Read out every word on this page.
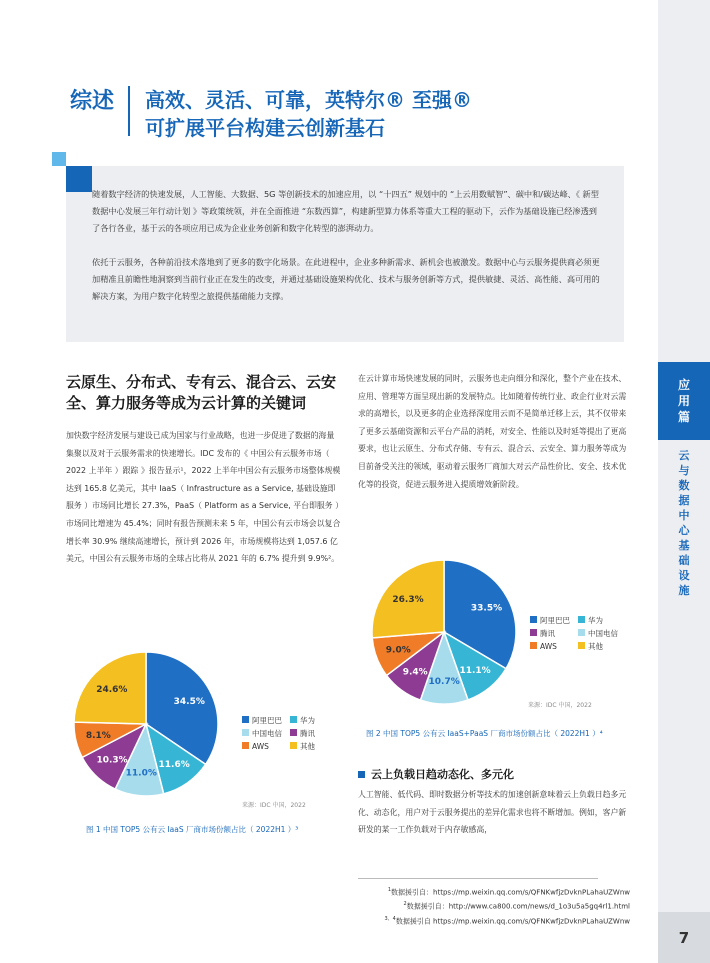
应
用
篇
云
与
数
据
中
心
基
础
设
施
7
综述 高效、灵活、可靠，英特尔® 至强®
可扩展平台构建云创新基石

随着数字经济的快速发展，人工智能、大数据、5G 等创新技术的加速应用，以 “十四五” 规划中的 “上云用数赋智”、碳中和/碳达峰、《 新型数据中心发展三年行动计划 》等政策统领，并在全面推进 “东数西算”，构建新型算力体系等重大工程的驱动下，云作为基础设施已经渗透到了各行各业，基于云的各项应用已成为企业业务创新和数字化转型的澎湃动力。

依托于云服务，各种前沿技术落地到了更多的数字化场景。在此进程中，企业多种新需求、新机会也被激发。数据中心与云服务提供商必须更加精准且前瞻性地洞察到当前行业正在发生的改变，并通过基础设施架构优化、技术与服务创新等方式，提供敏捷、灵活、高性能、高可用的解决方案，为用户数字化转型之旅提供基础能力支撑。

云原生、分布式、专有云、混合云、云安全、算力服务等成为云计算的关键词
加快数字经济发展与建设已成为国家与行业战略，也进一步促进了数据的海量集聚以及对于云服务需求的快速增长。IDC 发布的《 中国公有云服务市场（ 2022 上半年 ）跟踪 》报告显示¹，2022 上半年中国公有云服务市场整体规模达到 165.8 亿美元，其中 IaaS（ Infrastructure as a Service, 基础设施即服务 ）市场同比增长 27.3%，PaaS（ Platform as a Service, 平台即服务 ）市场同比增速为 45.4%；同时有报告预测未来 5 年，中国公有云市场会以复合增长率 30.9% 继续高速增长，预计到 2026 年，市场规模将达到 1,057.6 亿美元，中国公有云服务市场的全球占比将从 2021 年的 6.7% 提升到 9.9%²。
在云计算市场快速发展的同时，云服务也走向细分和深化，整个产业在技术、应用、管理等方面呈现出新的发展特点。比如随着传统行业、政企行业对云需求的高增长，以及更多的企业选择深度用云而不是简单迁移上云，其不仅带来了更多云基础资源和云平台产品的消耗，对安全、性能以及时延等提出了更高要求，也让云原生、分布式存储、专有云、混合云、云安全、算力服务等成为目前备受关注的领域，驱动着云服务厂商加大对云产品性价比、安全、技术优化等的投资，促进云服务进入提质增效新阶段。
34.5%
11.6%
11.0%
10.3%
8.1%
24.6%
阿里巴巴 华为
中国电信 腾讯
AWS	其他
来源：IDC 中国，2022
图 1 中国 TOP5 公有云 IaaS 厂商市场份额占比（ 2022H1 ）³
33.5%
11.1%
10.7%
9.4%
9.0%
26.3%
阿里巴巴 华为
腾讯	中国电信
AWS	其他
来源：IDC 中国，2022
图 2 中国 TOP5 公有云 IaaS+PaaS 厂商市场份额占比（ 2022H1 ）⁴
云上负载日趋动态化、多元化
人工智能、低代码、即时数据分析等技术的加速创新意味着云上负载日趋多元化、动态化，用户对于云服务提出的差异化需求也将不断增加。例如，客户新研发的某一工作负载对于内存敏感高，
$^1$数据援引自：https://mp.weixin.qq.com/s/QFNKwfjzDvknPLahaUZWnw
$^2$数据援引自：http://www.ca800.com/news/d_1o3u5a5gq4rl1.html
$^{3、4}$数据援引自 https://mp.weixin.qq.com/s/QFNKwfjzDvknPLahaUZWnw
